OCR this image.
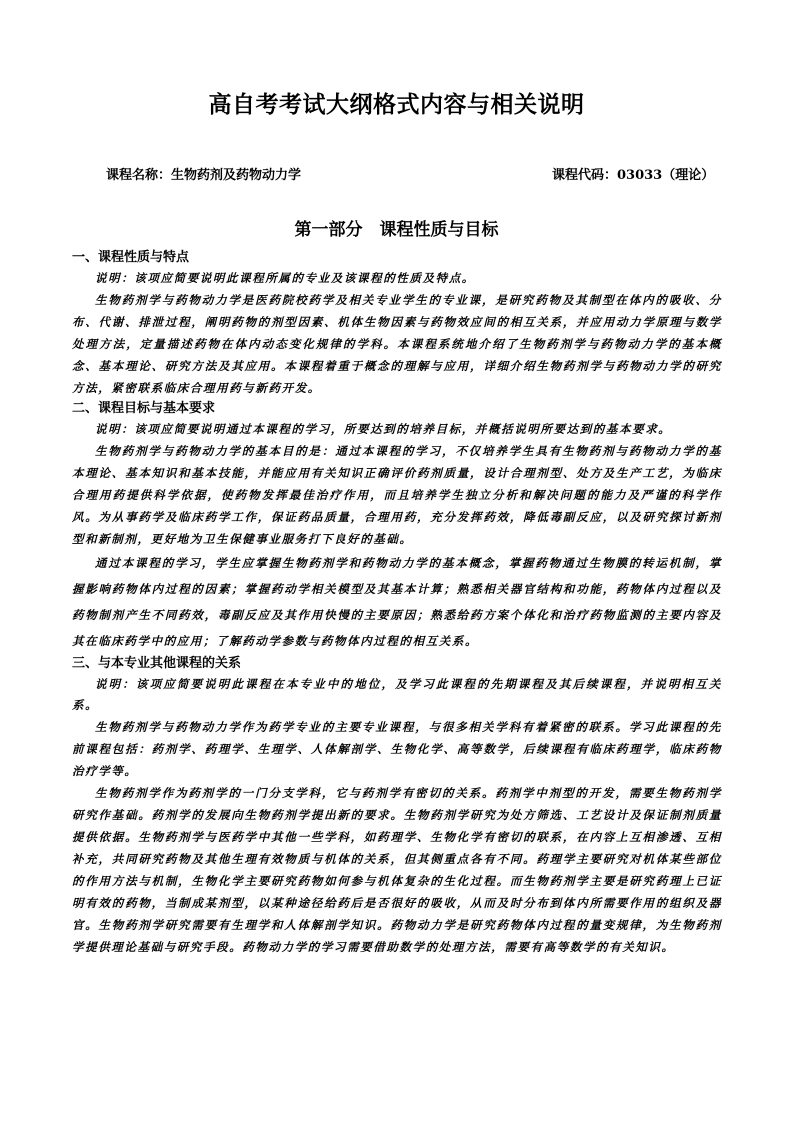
高自考考试大纲格式内容与相关说明
课程名称：生物药剂及药物动力学	课程代码：03033（理论）
第一部分　课程性质与目标
一、课程性质与特点

说明：该项应简要说明此课程所属的专业及该课程的性质及特点。

生物药剂学与药物动力学是医药院校药学及相关专业学生的专业课，是研究药物及其制型在体内的吸收、分布、代谢、排泄过程，阐明药物的剂型因素、机体生物因素与药物效应间的相互关系，并应用动力学原理与数学处理方法，定量描述药物在体内动态变化规律的学科。本课程系统地介绍了生物药剂学与药物动力学的基本概念、基本理论、研究方法及其应用。本课程着重于概念的理解与应用，详细介绍生物药剂学与药物动力学的研究方法，紧密联系临床合理用药与新药开发。

二、课程目标与基本要求

说明：该项应简要说明通过本课程的学习，所要达到的培养目标，并概括说明所要达到的基本要求。

生物药剂学与药物动力学的基本目的是：通过本课程的学习，不仅培养学生具有生物药剂与药物动力学的基本理论、基本知识和基本技能，并能应用有关知识正确评价药剂质量，设计合理剂型、处方及生产工艺，为临床合理用药提供科学依据，使药物发挥最佳治疗作用，而且培养学生独立分析和解决问题的能力及严谨的科学作风。为从事药学及临床药学工作，保证药品质量，合理用药，充分发挥药效，降低毒副反应，以及研究探讨新剂型和新制剂，更好地为卫生保健事业服务打下良好的基础。

通过本课程的学习，学生应掌握生物药剂学和药物动力学的基本概念，掌握药物通过生物膜的转运机制，掌握影响药物体内过程的因素；掌握药动学相关模型及其基本计算；熟悉相关器官结构和功能，药物体内过程以及药物制剂产生不同药效，毒副反应及其作用快慢的主要原因；熟悉给药方案个体化和治疗药物监测的主要内容及其在临床药学中的应用；了解药动学参数与药物体内过程的相互关系。

三、与本专业其他课程的关系

说明：该项应简要说明此课程在本专业中的地位，及学习此课程的先期课程及其后续课程，并说明相互关系。

生物药剂学与药物动力学作为药学专业的主要专业课程，与很多相关学科有着紧密的联系。学习此课程的先前课程包括：药剂学、药理学、生理学、人体解剖学、生物化学、高等数学，后续课程有临床药理学，临床药物治疗学等。

生物药剂学作为药剂学的一门分支学科，它与药剂学有密切的关系。药剂学中剂型的开发，需要生物药剂学研究作基础。药剂学的发展向生物药剂学提出新的要求。生物药剂学研究为处方筛选、工艺设计及保证制剂质量提供依据。生物药剂学与医药学中其他一些学科，如药理学、生物化学有密切的联系，在内容上互相渗透、互相补充，共同研究药物及其他生理有效物质与机体的关系，但其侧重点各有不同。药理学主要研究对机体某些部位的作用方法与机制，生物化学主要研究药物如何参与机体复杂的生化过程。而生物药剂学主要是研究药理上已证明有效的药物，当制成某剂型，以某种途径给药后是否很好的吸收，从而及时分布到体内所需要作用的组织及器官。生物药剂学研究需要有生理学和人体解剖学知识。药物动力学是研究药物体内过程的量变规律，为生物药剂学提供理论基础与研究手段。药物动力学的学习需要借助数学的处理方法，需要有高等数学的有关知识。
